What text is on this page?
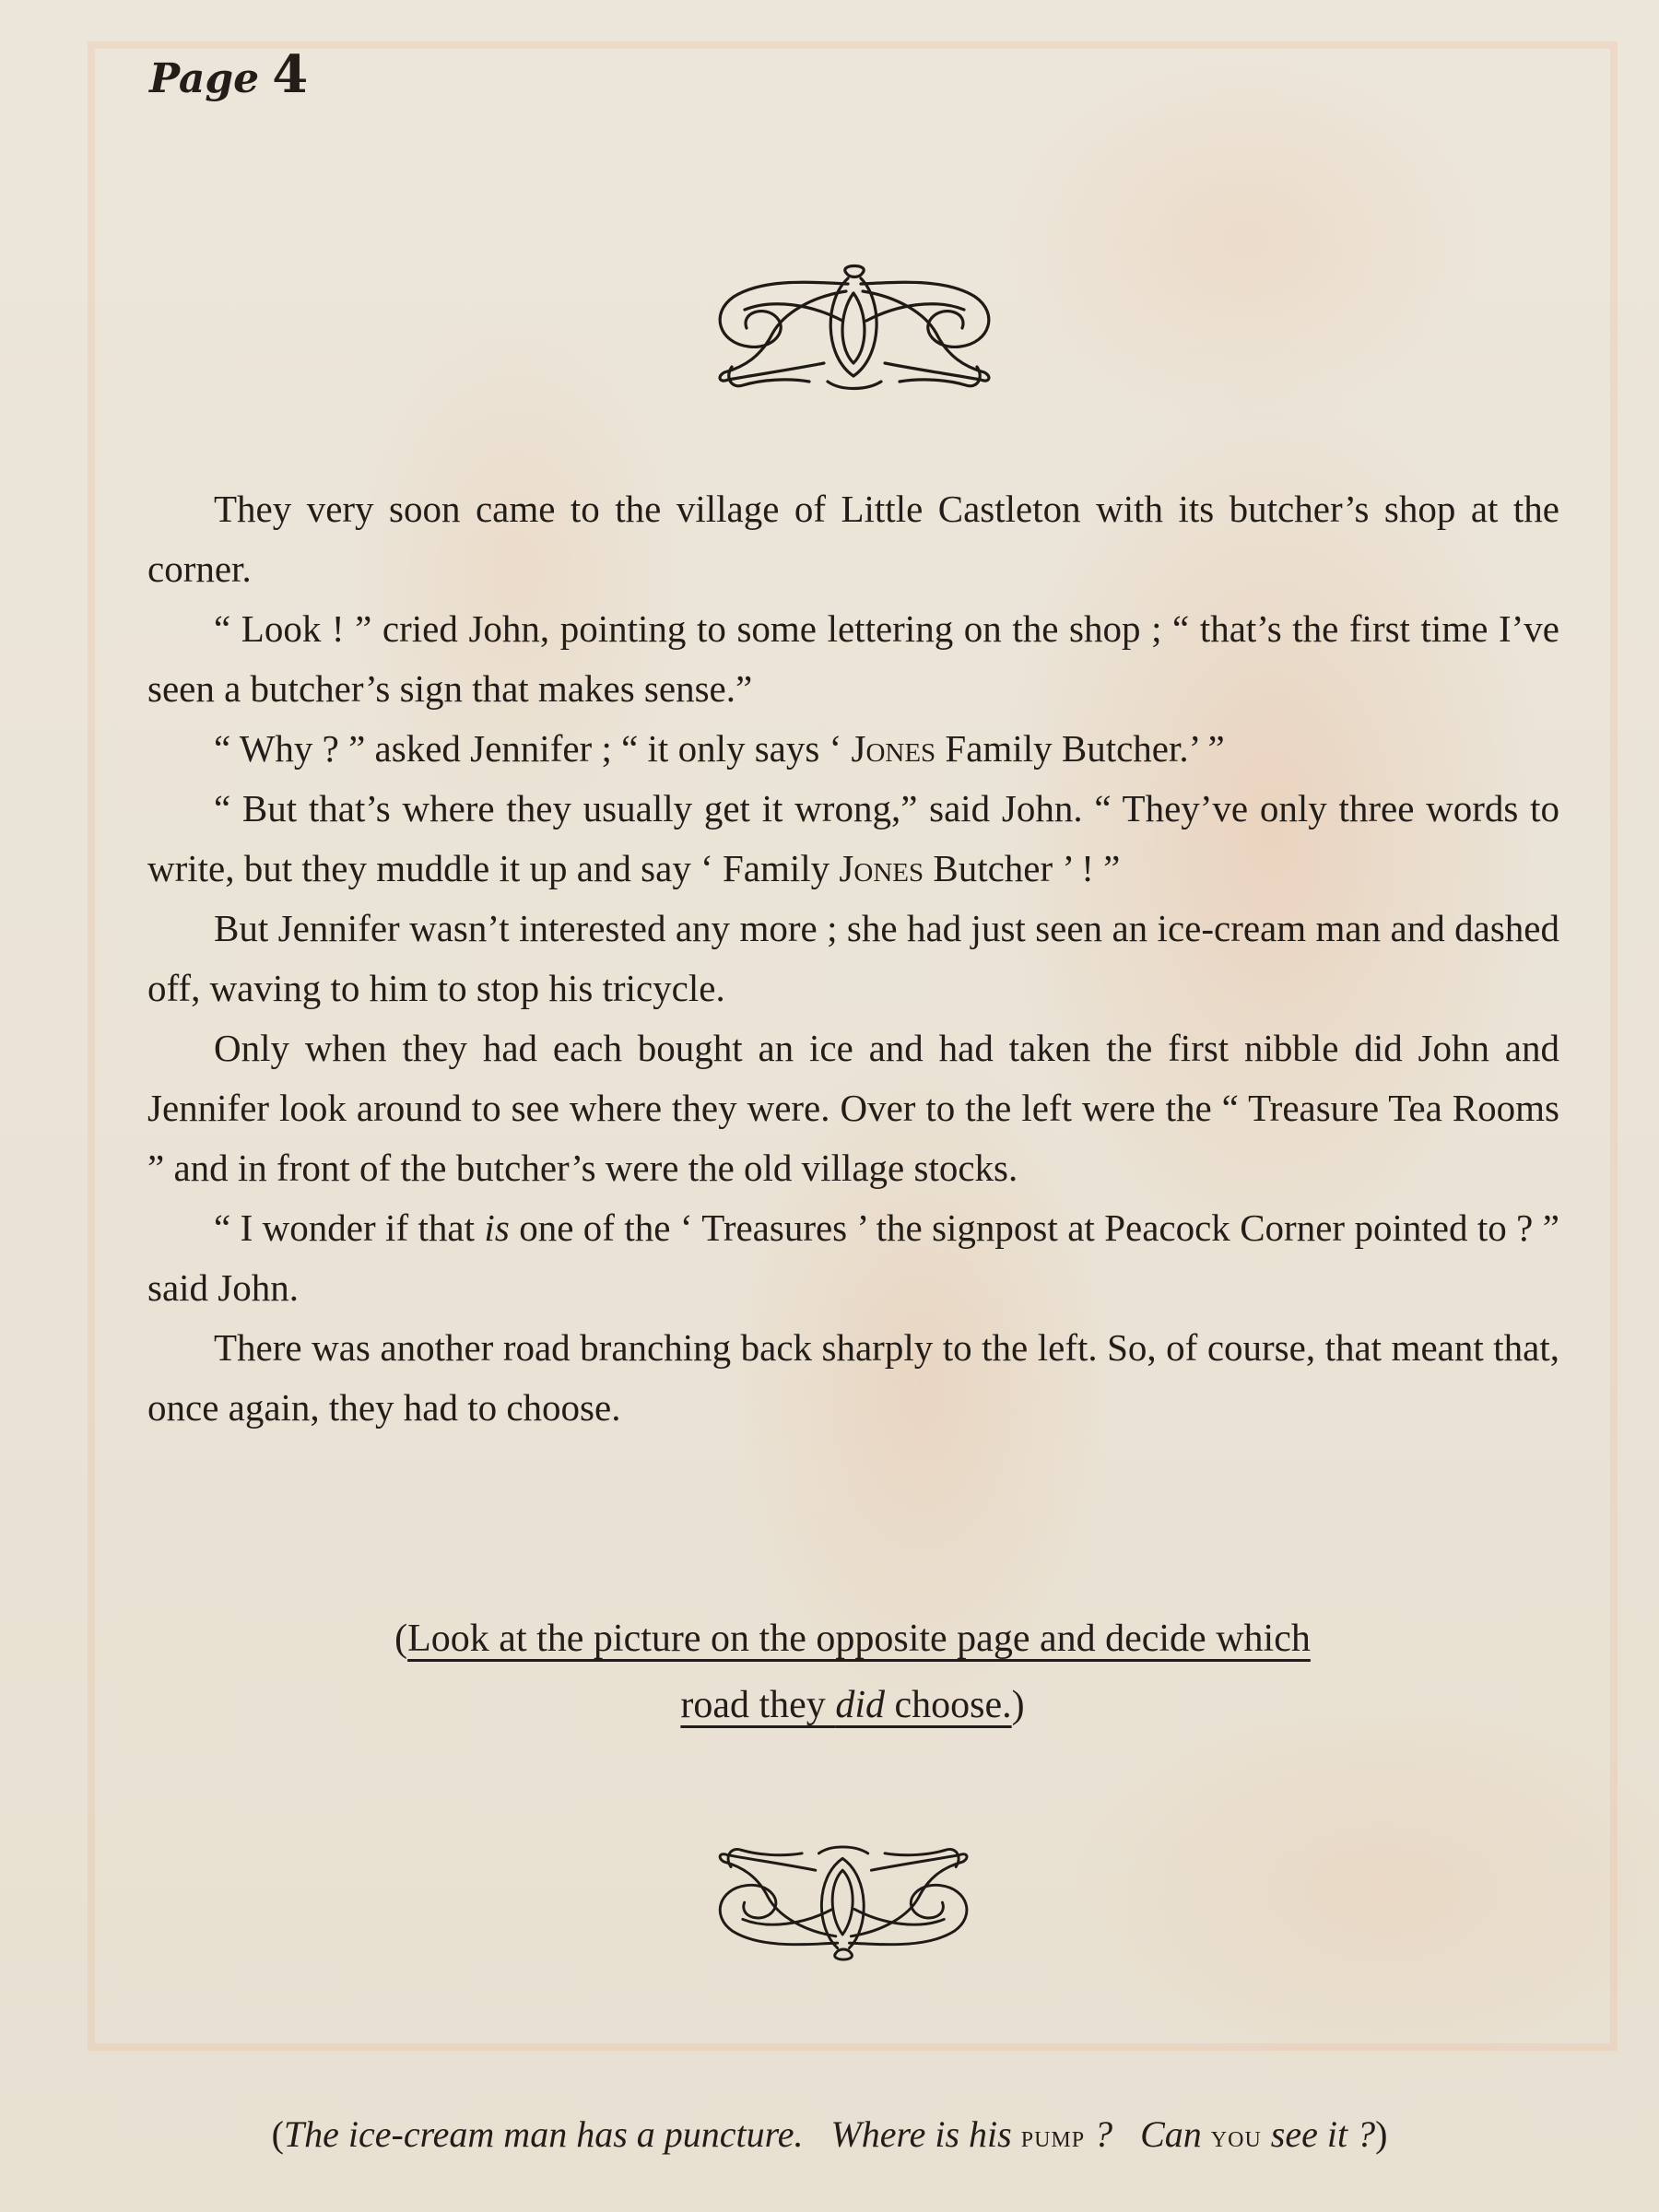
Page 4

They very soon came to the village of Little Castleton with its butcher’s shop at the corner.

“ Look ! ” cried John, pointing to some lettering on the shop ; “ that’s the first time I’ve seen a butcher’s sign that makes sense.”

“ Why ? ” asked Jennifer ; “ it only says ‘ Jones Family Butcher.’ ”

“ But that’s where they usually get it wrong,” said John. “ They’ve only three words to write, but they muddle it up and say ‘ Family Jones Butcher ’ ! ”

But Jennifer wasn’t interested any more ; she had just seen an ice-cream man and dashed off, waving to him to stop his tricycle.

Only when they had each bought an ice and had taken the first nibble did John and Jennifer look around to see where they were. Over to the left were the “ Treasure Tea Rooms ” and in front of the butcher’s were the old village stocks.

“ I wonder if that is one of the ‘ Treasures ’ the signpost at Peacock Corner pointed to ? ” said John.

There was another road branching back sharply to the left. So, of course, that meant that, once again, they had to choose.

(Look at the picture on the opposite page and decide which
road they did choose.)
(The ice-cream man has a puncture.   Where is his pump ?   Can you see it ?)
